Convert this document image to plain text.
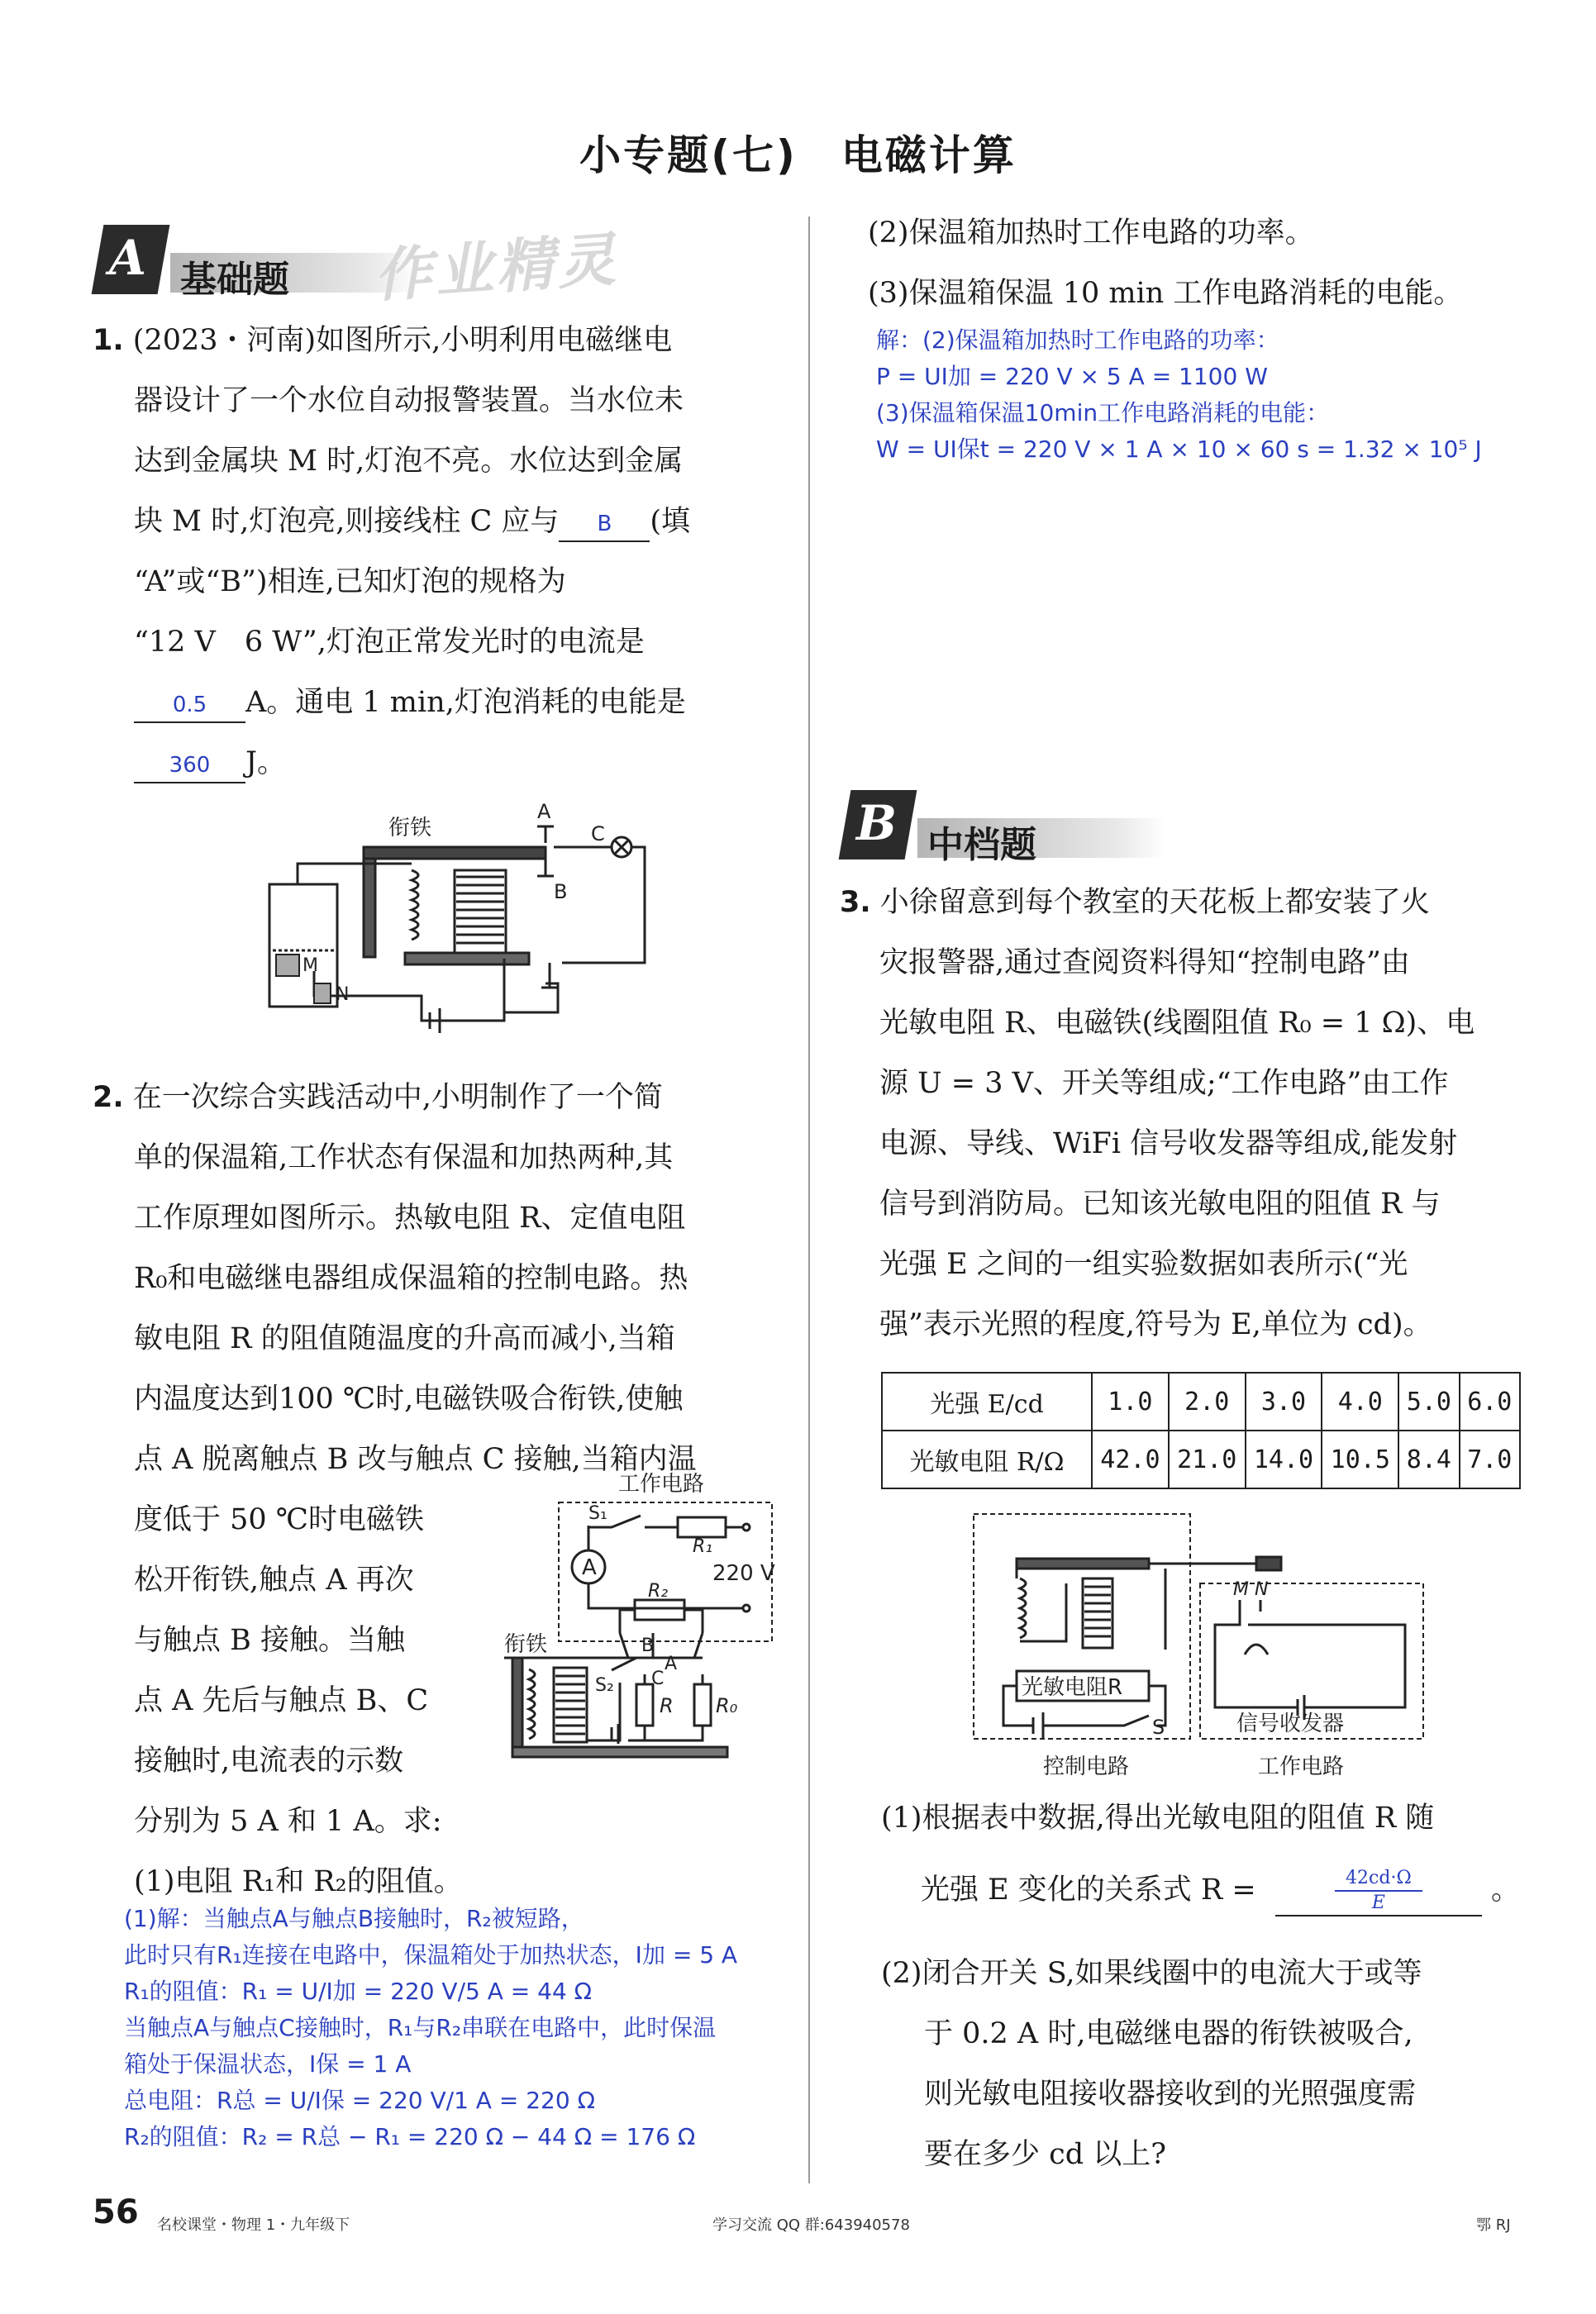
小专题(七)　电磁计算
A 基础题 作业精灵
1. (2023・河南)如图所示,小明利用电磁继电
器设计了一个水位自动报警装置。当水位未
达到金属块 M 时,灯泡不亮。水位达到金属
块 M 时,灯泡亮,则接线柱 C 应与 B (填
“A”或“B”)相连,已知灯泡的规格为
“12 V　6 W”,灯泡正常发光时的电流是
0.5 A。通电 1 min,灯泡消耗的电能是
360 J。
衔铁
A
B
C
M
N
2. 在一次综合实践活动中,小明制作了一个简
单的保温箱,工作状态有保温和加热两种,其
工作原理如图所示。热敏电阻 R、定值电阻
R₀和电磁继电器组成保温箱的控制电路。热
敏电阻 R 的阻值随温度的升高而减小,当箱
内温度达到100 ℃时,电磁铁吸合衔铁,使触
点 A 脱离触点 B 改与触点 C 接触,当箱内温
度低于 50 ℃时电磁铁
松开衔铁,触点 A 再次
与触点 B 接触。当触
点 A 先后与触点 B、C
接触时,电流表的示数
分别为 5 A 和 1 A。求:
(1)电阻 R₁和 R₂的阻值。
工作电路
A
S₁
R₁
220 V
R₂
衔铁	B
A
C
S₂
R R₀
(1)解：当触点A与触点B接触时，R₂被短路，
此时只有R₁连接在电路中，保温箱处于加热状态，I加 = 5 A
R₁的阻值：R₁ = U/I加 = 220 V/5 A = 44 Ω
当触点A与触点C接触时，R₁与R₂串联在电路中，此时保温
箱处于保温状态，I保 = 1 A
总电阻：R总 = U/I保 = 220 V/1 A = 220 Ω
R₂的阻值：R₂ = R总 − R₁ = 220 Ω − 44 Ω = 176 Ω
(2)保温箱加热时工作电路的功率。
(3)保温箱保温 10 min 工作电路消耗的电能。
解：(2)保温箱加热时工作电路的功率：
P = UI加 = 220 V × 5 A = 1100 W
(3)保温箱保温10min工作电路消耗的电能：
W = UI保t = 220 V × 1 A × 10 × 60 s = 1.32 × 10⁵ J
B 中档题
3. 小徐留意到每个教室的天花板上都安装了火
灾报警器,通过查阅资料得知“控制电路”由
光敏电阻 R、电磁铁(线圈阻值 R₀ = 1 Ω)、电
源 U = 3 V、开关等组成;“工作电路”由工作
电源、导线、WiFi 信号收发器等组成,能发射
信号到消防局。已知该光敏电阻的阻值 R 与
光强 E 之间的一组实验数据如表所示(“光
强”表示光照的程度,符号为 E,单位为 cd)。
光强 E/cd	1.0	2.0	3.0	4.0	5.0	6.0
光敏电阻 R/Ω	42.0	21.0	14.0	10.5	8.4	7.0
光敏电阻R
S
M N
信号收发器
控制电路	工作电路
(1)根据表中数据,得出光敏电阻的阻值 R 随
光强 E 变化的关系式 $R = \frac{42cd\cdot\Omega}{E}$ 。
(2)闭合开关 S,如果线圈中的电流大于或等
于 0.2 A 时,电磁继电器的衔铁被吸合,
则光敏电阻接收器接收到的光照强度需
要在多少 cd 以上?
56 名校课堂・物理 1・九年级下	学习交流 QQ 群:643940578	鄂 RJ
